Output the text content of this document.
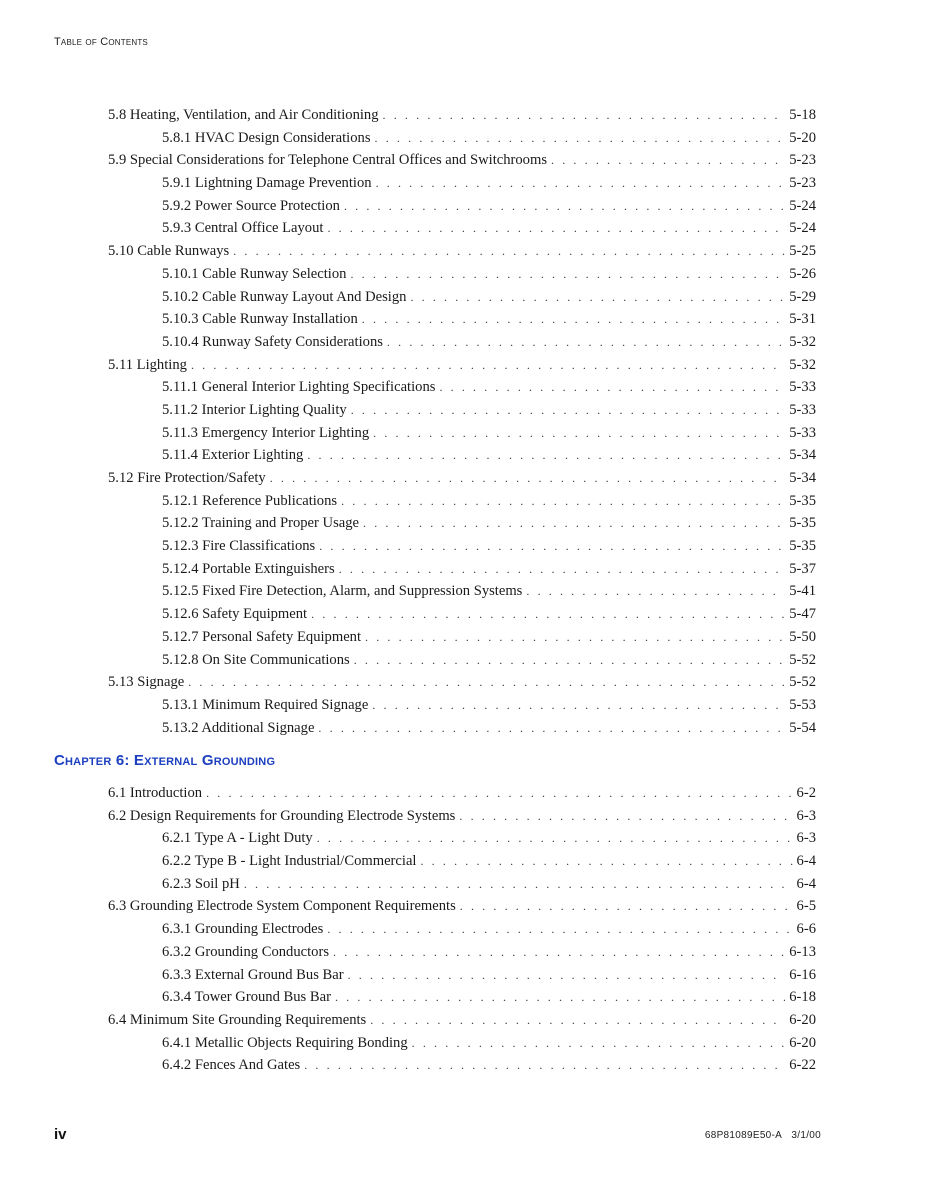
Table of Contents
5.8 Heating, Ventilation, and Air Conditioning . . .	5-18
5.8.1 HVAC Design Considerations . . .	5-20
5.9 Special Considerations for Telephone Central Offices and Switchrooms . . .	5-23
5.9.1 Lightning Damage Prevention . . .	5-23
5.9.2 Power Source Protection . . .	5-24
5.9.3 Central Office Layout . . .	5-24
5.10 Cable Runways . . .	5-25
5.10.1 Cable Runway Selection . . .	5-26
5.10.2 Cable Runway Layout And Design . . .	5-29
5.10.3 Cable Runway Installation . . .	5-31
5.10.4 Runway Safety Considerations . . .	5-32
5.11 Lighting . . .	5-32
5.11.1 General Interior Lighting Specifications . . .	5-33
5.11.2 Interior Lighting Quality . . .	5-33
5.11.3 Emergency Interior Lighting . . .	5-33
5.11.4 Exterior Lighting . . .	5-34
5.12 Fire Protection/Safety . . .	5-34
5.12.1 Reference Publications . . .	5-35
5.12.2 Training and Proper Usage . . .	5-35
5.12.3 Fire Classifications . . .	5-35
5.12.4 Portable Extinguishers . . .	5-37
5.12.5 Fixed Fire Detection, Alarm, and Suppression Systems . . .	5-41
5.12.6 Safety Equipment . . .	5-47
5.12.7 Personal Safety Equipment . . .	5-50
5.12.8 On Site Communications . . .	5-52
5.13 Signage . . .	5-52
5.13.1 Minimum Required Signage . . .	5-53
5.13.2 Additional Signage . . .	5-54
Chapter 6: External Grounding
6.1 Introduction . . .	6-2
6.2 Design Requirements for Grounding Electrode Systems . . .	6-3
6.2.1 Type A - Light Duty . . .	6-3
6.2.2 Type B - Light Industrial/Commercial . . .	6-4
6.2.3 Soil pH . . .	6-4
6.3 Grounding Electrode System Component Requirements . . .	6-5
6.3.1 Grounding Electrodes . . .	6-6
6.3.2 Grounding Conductors . . .	6-13
6.3.3 External Ground Bus Bar . . .	6-16
6.3.4 Tower Ground Bus Bar . . .	6-18
6.4 Minimum Site Grounding Requirements . . .	6-20
6.4.1 Metallic Objects Requiring Bonding . . .	6-20
6.4.2 Fences And Gates . . .	6-22
iv	68P81089E50-A 3/1/00
